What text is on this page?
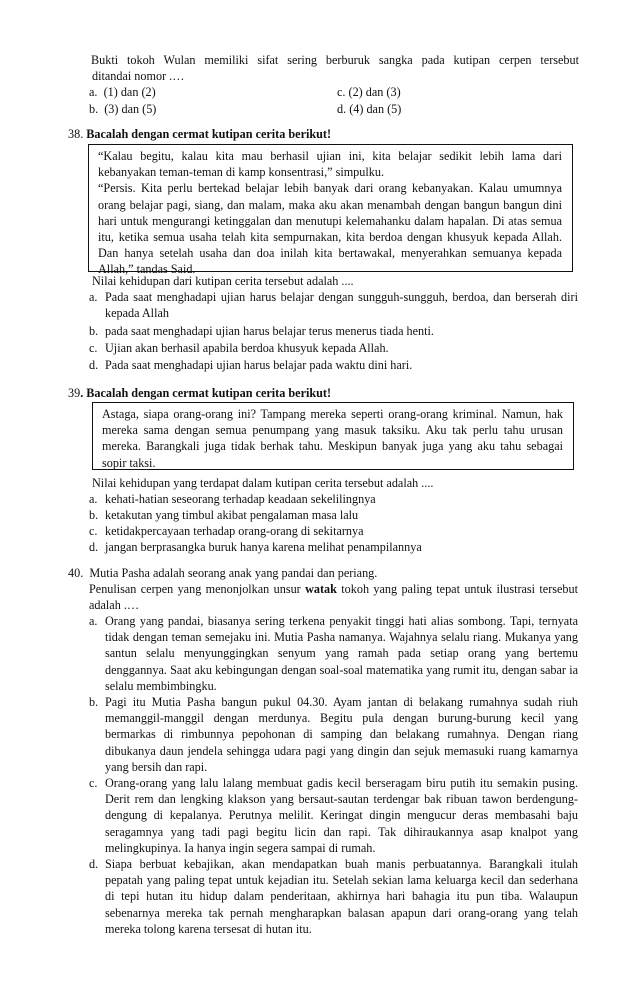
Bukti tokoh Wulan memiliki sifat sering berburuk sangka pada kutipan cerpen tersebut

ditandai nomor .…

a. (1) dan (2)	c. (2) dan (3)
b. (3) dan (5)	d. (4) dan (5)
38. Bacalah dengan cermat kutipan cerita berikut!

“Kalau begitu, kalau kita mau berhasil ujian ini, kita belajar sedikit lebih lama dari kebanyakan teman-teman di kamp konsentrasi,” simpulku.

“Persis. Kita perlu bertekad belajar lebih banyak dari orang kebanyakan. Kalau umumnya orang belajar pagi, siang, dan malam, maka aku akan menambah dengan bangun bangun dini hari untuk mengurangi ketinggalan dan menutupi kelemahanku dalam hapalan. Di atas semua itu, ketika semua usaha telah kita sempurnakan, kita berdoa dengan khusyuk kepada Allah. Dan hanya setelah usaha dan doa inilah kita bertawakal, menyerahkan semuanya kepada Allah,” tandas Said.

Nilai kehidupan dari kutipan cerita tersebut adalah ....
a. Pada saat menghadapi ujian harus belajar dengan sungguh-sungguh, berdoa, dan berserah diri kepada Allah

b. pada saat menghadapi ujian harus belajar terus menerus tiada henti.

c. Ujian akan berhasil apabila berdoa khusyuk kepada Allah.

d. Pada saat menghadapi ujian harus belajar pada waktu dini hari.

39. Bacalah dengan cermat kutipan cerita berikut!

Astaga, siapa orang-orang ini? Tampang mereka seperti orang-orang kriminal. Namun, hak mereka sama dengan semua penumpang yang masuk taksiku. Aku tak perlu tahu urusan mereka. Barangkali juga tidak berhak tahu. Meskipun banyak juga yang aku tahu sebagai sopir taksi.

Nilai kehidupan yang terdapat dalam kutipan cerita tersebut adalah ....
a. kehati-hatian seseorang terhadap keadaan sekelilingnya

b. ketakutan yang timbul akibat pengalaman masa lalu

c. ketidakpercayaan terhadap orang-orang di sekitarnya

d. jangan berprasangka buruk hanya karena melihat penampilannya

40. Mutia Pasha adalah seorang anak yang pandai dan periang.
Penulisan cerpen yang menonjolkan unsur watak tokoh yang paling tepat untuk ilustrasi tersebut adalah .…
a. Orang yang pandai, biasanya sering terkena penyakit tinggi hati alias sombong. Tapi, ternyata tidak dengan teman semejaku ini. Mutia Pasha namanya. Wajahnya selalu riang. Mukanya yang santun selalu menyunggingkan senyum yang ramah pada setiap orang yang bertemu denggannya. Saat aku kebingungan dengan soal-soal matematika yang rumit itu, dengan sabar ia selalu membimbingku.

b. Pagi itu Mutia Pasha bangun pukul 04.30. Ayam jantan di belakang rumahnya sudah riuh memanggil-manggil dengan merdunya. Begitu pula dengan burung-burung kecil yang bermarkas di rimbunnya pepohonan di samping dan belakang rumahnya. Dengan riang dibukanya daun jendela sehingga udara pagi yang dingin dan sejuk memasuki ruang kamarnya yang bersih dan rapi.

c. Orang-orang yang lalu lalang membuat gadis kecil berseragam biru putih itu semakin pusing. Derit rem dan lengking klakson yang bersaut-sautan terdengar bak ribuan tawon berdengung-dengung di kepalanya. Perutnya melilit. Keringat dingin mengucur deras membasahi baju seragamnya yang tadi pagi begitu licin dan rapi. Tak dihiraukannya asap knalpot yang melingkupinya. Ia hanya ingin segera sampai di rumah.

d. Siapa berbuat kebajikan, akan mendapatkan buah manis perbuatannya. Barangkali itulah pepatah yang paling tepat untuk kejadian itu. Setelah sekian lama keluarga kecil dan sederhana di tepi hutan itu hidup dalam penderitaan, akhirnya hari bahagia itu pun tiba. Walaupun sebenarnya mereka tak pernah mengharapkan balasan apapun dari orang-orang yang telah mereka tolong karena tersesat di hutan itu.
